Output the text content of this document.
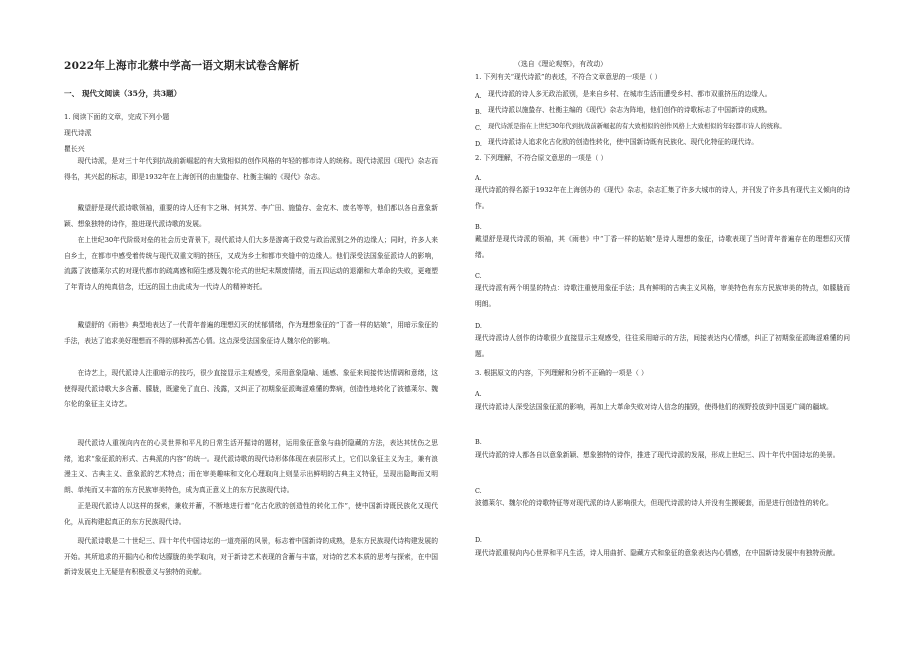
2022年上海市北蔡中学高一语文期末试卷含解析
一、 现代文阅读（35分，共3题）
1. 阅读下面的文章，完成下列小题
现代诗派
瞿长兴
现代诗派，是对三十年代到抗战前新崛起的有大致相似的创作风格的年轻的都市诗人的统称。现代诗派因《现代》杂志而得名，其兴起的标志，即是1932年在上海创刊的由施蛰存、杜衡主编的《现代》杂志。
戴望舒是现代派诗歌领袖，重要的诗人还有卞之琳、何其芳、李广田、施蛰存、金克木、废名等等，他们都以各自意象新颖、想象独特的诗作，推进现代派诗歌的发展。
在上世纪30年代阶级对垒的社会历史背景下，现代派诗人们大多是游离于政党与政治派别之外的边缘人；同时，许多人来自乡土，在都市中感受着传统与现代双重文明的挤压，又成为乡土和都市夹缝中的边缘人。他们深受法国象征派诗人的影响，流露了波德莱尔式的对现代都市的疏离感和陌生感及魏尔伦式的世纪末颓废情绪，而五四运动的退潮和大革命的失败，更雍塑了年青诗人的纯真信念，迁远的国土由此成为一代诗人的精神寄托。
戴望舒的《雨巷》典型地表达了一代青年普遍的理想幻灭的忧郁情绪，作为理想象征的“丁香一样的姑娘”，用暗示象征的手法，表达了追求美好理想而不得的那种孤苦心情。这点深受法国象征诗人魏尔伦的影响。
在诗艺上，现代派诗人注重暗示的技巧，很少直接显示主观感受，采用意象隐喻、通感、象征来间接传达情调和意绪，这使得现代派诗歌大多含蓄、朦胧，既避免了直白、浅露，又纠正了初期象征派晦涩难懂的弊病，创造性地转化了波德莱尔、魏尔伦的象征主义诗艺。
现代派诗人重视向内在的心灵世界和平凡的日常生活开掘诗的题材，运用象征意象与曲折隐藏的方法，表达其忧伤之思绪，追求“象征派的形式、古典派的内容”的统一。现代派诗歌的现代诗形体体现在表层形式上，它们以象征主义为主，兼有浪漫主义、古典主义、意象派的艺术特点；而在审美趣味和文化心理取向上则显示出鲜明的古典主义特征，呈现出隐晦而又明朗、单纯而又丰富的东方民族审美特色，成为真正意义上的东方民族现代诗。
正是现代派诗人以这样的探索，兼收并蓄，不断地进行着“化古化欧的创造性的转化工作”，使中国新诗既民族化又现代化，从而构建起真正的东方民族现代诗。
现代派诗歌是二十世纪三、四十年代中国诗坛的一道亮丽的风景，标志着中国新诗的成熟，是东方民族现代诗构建发展的开始。其所追求的开掘内心和传达朦胧的美学取向，对于新诗艺术表现的含蓄与丰富，对诗的艺术本质的思考与探索，在中国新诗发展史上无疑是有积极意义与独特的贡献。
（选自《理论观察》，有改动）
1. 下列有关“现代诗派”的表述，不符合文章意思的一项是（ ）
A. 现代诗派的诗人多无政治派别，是来自乡村、在城市生活而遭受乡村、都市双重挤压的边缘人。
B. 现代诗派以施蛰存、杜衡主编的《现代》杂志为阵地，他们创作的诗歌标志了中国新诗的成熟。
C. 现代诗派是指在上世纪30年代到抗战前新崛起的有大致相似的创作风格上大致相似的年轻都市诗人的统称。
D. 现代诗派诗人追求化古化欧的创造性转化，使中国新诗既有民族化、现代化特征的现代诗。
2. 下列理解，不符合原文意思的一项是（ ）
A.
现代诗派的得名源于1932年在上海创办的《现代》杂志，杂志汇集了许多大城市的诗人，并刊发了许多具有现代主义倾向的诗作。
B.
戴望舒是现代诗派的领袖，其《雨巷》中“丁香一样的姑娘”是诗人理想的象征，诗歌表现了当时青年普遍存在的理想幻灭情绪。
C.
现代诗派有两个明显的特点：诗歌注重使用象征手法；具有鲜明的古典主义风格，审美特色有东方民族审美的特点，如朦胧而明朗。
D.
现代诗派诗人创作的诗歌很少直接显示主观感受，往往采用暗示的方法，间接表达内心情感，纠正了初期象征派晦涩难懂的问题。
3. 根据原文的内容，下列理解和分析不正确的一项是（ ）
A.
现代诗派诗人深受法国象征派的影响，再加上大革命失败对诗人信念的摧毁，使得他们的视野投放到中国更广阔的疆域。
B.
现代诗派的诗人都各自以意象新颖、想象独特的诗作，推进了现代诗派的发展，形成上世纪三、四十年代中国诗坛的美景。
C.
波德莱尔、魏尔伦的诗歌特征等对现代派的诗人影响很大，但现代诗派的诗人并没有生搬硬套，而是进行创造性的转化。
D.
现代诗派重视向内心世界和平凡生活，诗人用曲折、隐藏方式和象征的意象表达内心情感，在中国新诗发展中有独特贡献。
